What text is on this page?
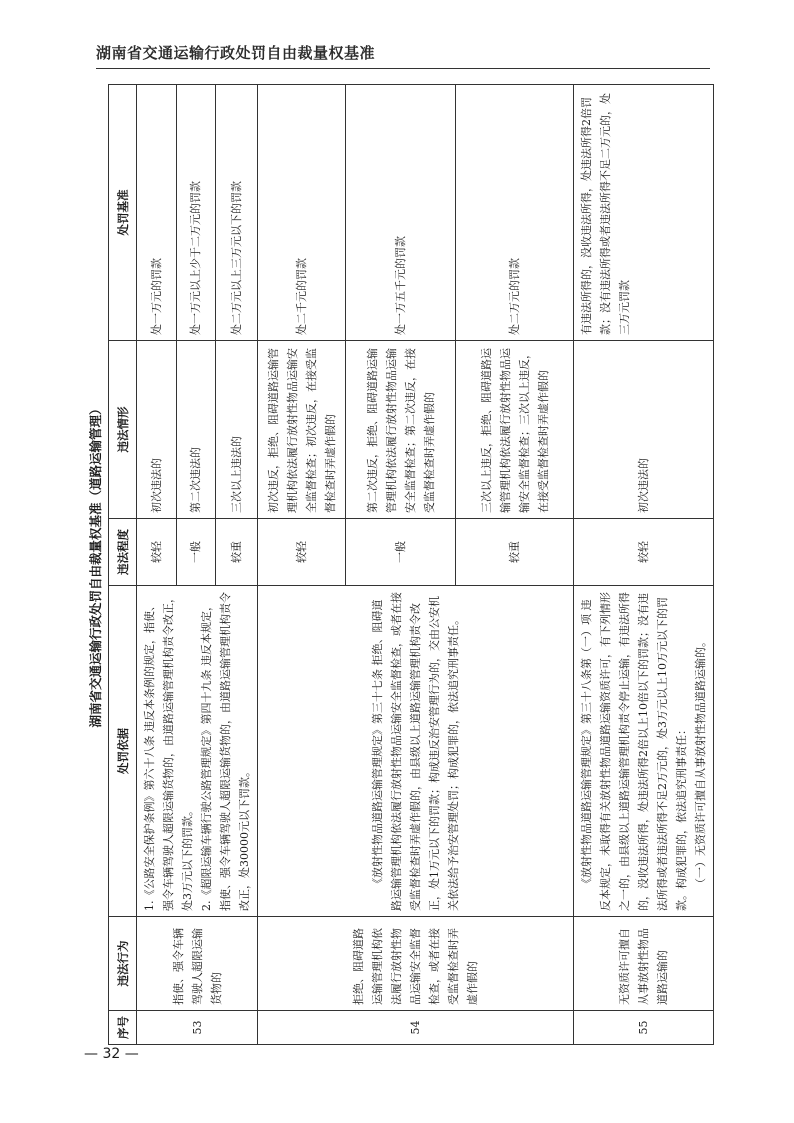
湖南省交通运输行政处罚自由裁量权基准
湖南省交通运输行政处罚自由裁量权基准（道路运输管理）
序号	违法行为	处罚依据	违法程度	违法情形	处罚基准
53	指使、强令车辆驾驶人超限运输货物的	1.《公路安全保护条例》第六十八条 违反本条例的规定，指使、强令车辆驾驶人超限运输货物的，由道路运输管理机构责令改正，处3万元以下的罚款。 2.《超限运输车辆行驶公路管理规定》第四十九条 违反本规定，指使、强令车辆驾驶人超限运输货物的，由道路运输管理机构责令改正，处30000元以下罚款。	较轻	初次违法的	处一万元的罚款
			一般	第二次违法的	处一万元以上少于二万元的罚款
			较重	三次以上违法的	处二万元以上三万元以下的罚款
54	拒绝、阻碍道路运输管理机构依法履行放射性物品运输安全监督检查，或者在接受监督检查时弄虚作假的	《放射性物品道路运输管理规定》第三十七条 拒绝、阻碍道路运输管理机构依法履行放射性物品运输安全监督检查，或者在接受监督检查时弄虚作假的，由县级以上道路运输管理机构责令改正，处1万元以下的罚款；构成违反治安管理行为的，交由公安机关依法给予治安管理处罚；构成犯罪的，依法追究刑事责任。	较轻	初次违反，拒绝、阻碍道路运输管理机构依法履行放射性物品运输安全监督检查；初次违反，在接受监督检查时弄虚作假的	处二千元的罚款
			一般	第二次违反，拒绝、阻碍道路运输管理机构依法履行放射性物品运输安全监督检查；第二次违反，在接受监督检查时弄虚作假的	处一万五千元的罚款
			较重	三次以上违反，拒绝、阻碍道路运输管理机构依法履行放射性物品运输安全监督检查；三次以上违反，在接受监督检查时弄虚作假的	处二万元的罚款
55	无资质许可擅自从事放射性物品道路运输的	《放射性物品道路运输管理规定》第三十八条第（一）项 违反本规定，未取得有关放射性物品道路运输资质许可，有下列情形之一的，由县级以上道路运输管理机构责令停止运输，有违法所得的，没收违法所得，处违法所得2倍以上10倍以下的罚款；没有违法所得或者违法所得不足2万元的，处3万元以上10万元以下的罚款。构成犯罪的，依法追究刑事责任： （一）无资质许可擅自从事放射性物品道路运输的。	较轻	初次违法的	有违法所得的，没收违法所得，处违法所得2倍罚款；没有违法所得或者违法所得不足二万元的，处三万元罚款
— 32 —
